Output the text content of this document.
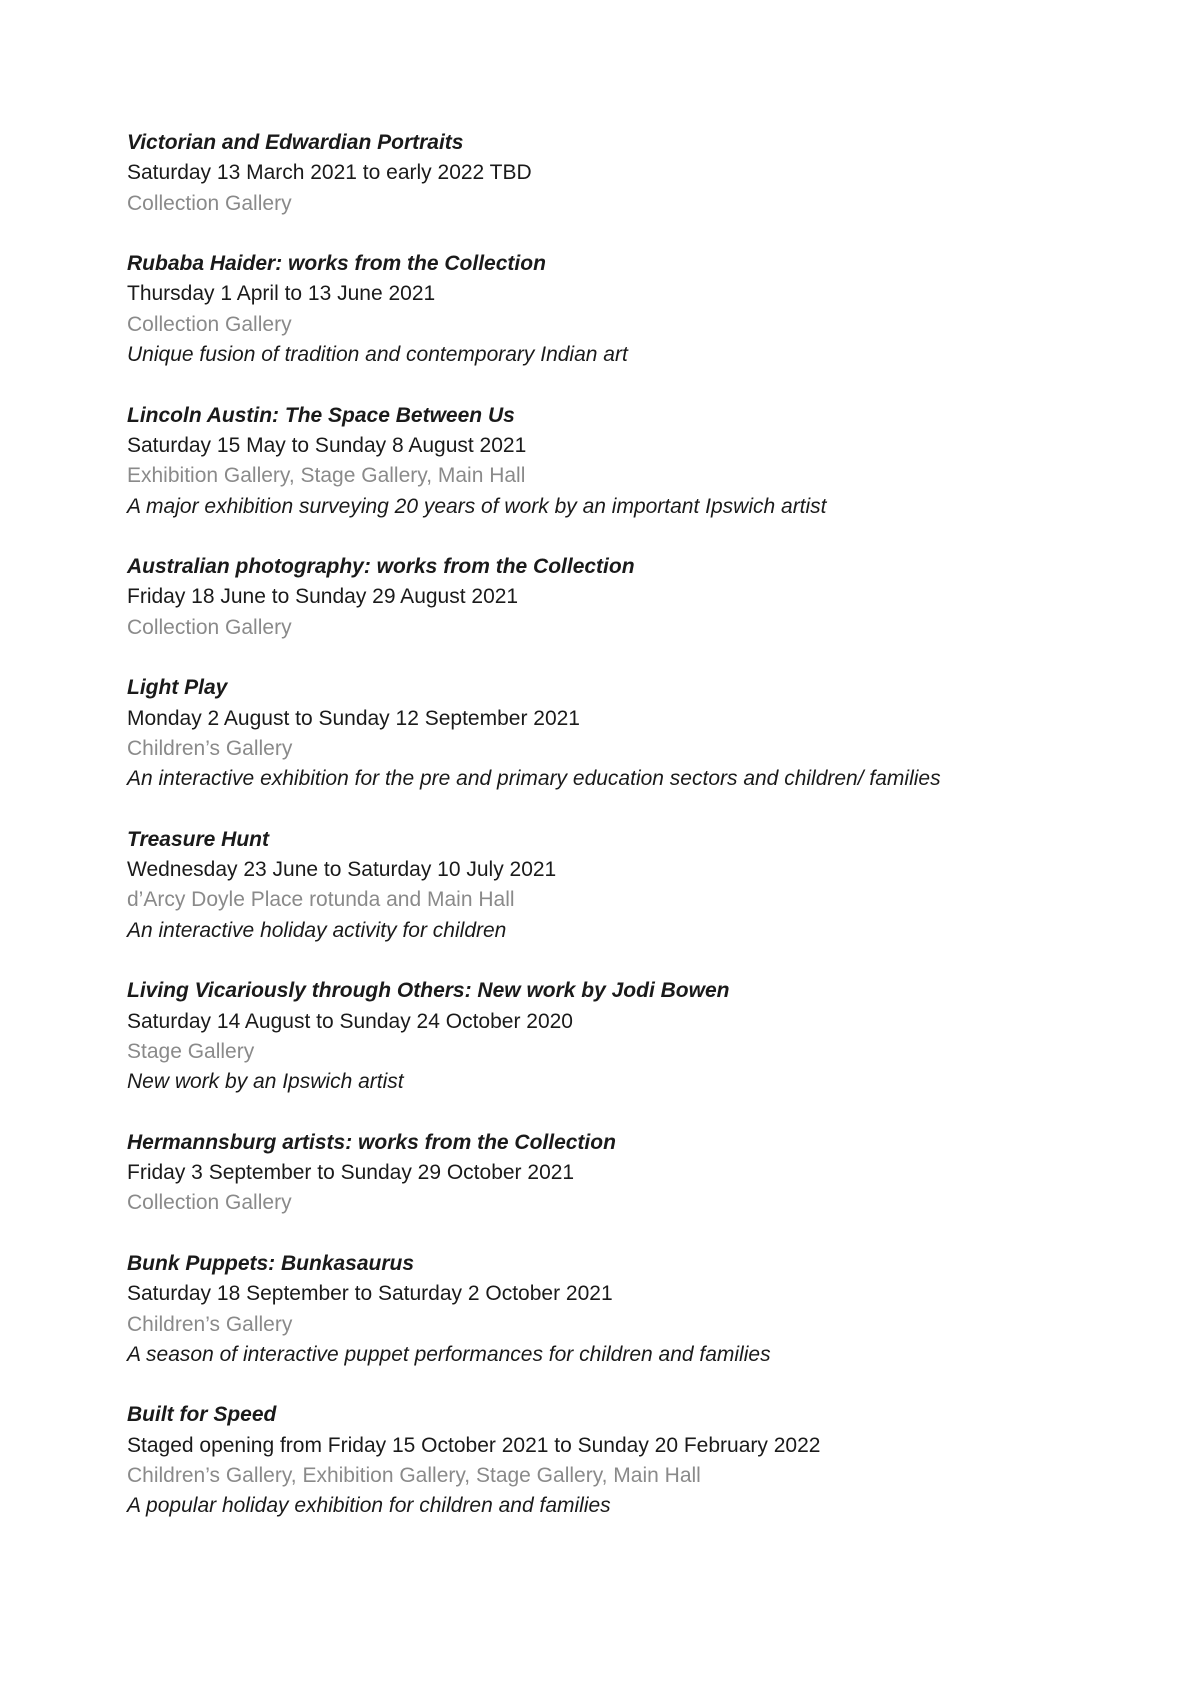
Victorian and Edwardian Portraits
Saturday 13 March 2021 to early 2022 TBD
Collection Gallery
Rubaba Haider: works from the Collection
Thursday 1 April to 13 June 2021
Collection Gallery
Unique fusion of tradition and contemporary Indian art
Lincoln Austin: The Space Between Us
Saturday 15 May to Sunday 8 August 2021
Exhibition Gallery, Stage Gallery, Main Hall
A major exhibition surveying 20 years of work by an important Ipswich artist
Australian photography: works from the Collection
Friday 18 June to Sunday 29 August 2021
Collection Gallery
Light Play
Monday 2 August to Sunday 12 September 2021
Children’s Gallery
An interactive exhibition for the pre and primary education sectors and children/ families
Treasure Hunt
Wednesday 23 June to Saturday 10 July 2021
d’Arcy Doyle Place rotunda and Main Hall
An interactive holiday activity for children
Living Vicariously through Others: New work by Jodi Bowen
Saturday 14 August to Sunday 24 October 2020
Stage Gallery
New work by an Ipswich artist
Hermannsburg artists: works from the Collection
Friday 3 September to Sunday 29 October 2021
Collection Gallery
Bunk Puppets: Bunkasaurus
Saturday 18 September to Saturday 2 October 2021
Children’s Gallery
A season of interactive puppet performances for children and families
Built for Speed
Staged opening from Friday 15 October 2021 to Sunday 20 February 2022
Children’s Gallery, Exhibition Gallery, Stage Gallery, Main Hall
A popular holiday exhibition for children and families
